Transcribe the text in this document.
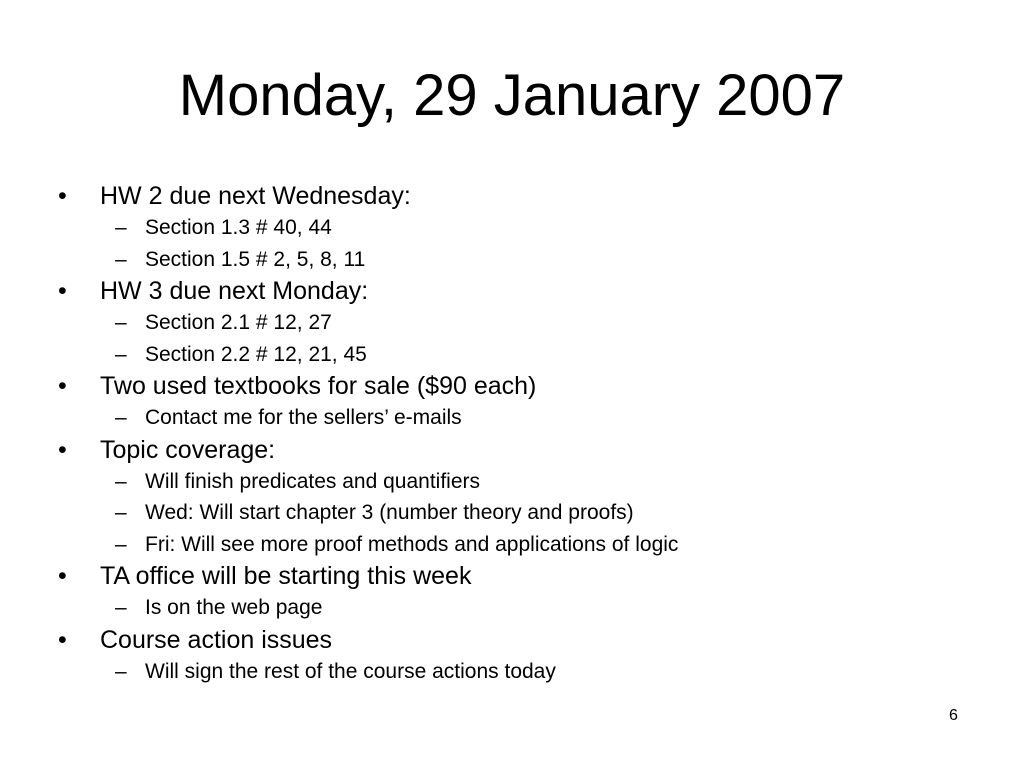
Monday, 29 January 2007
• HW 2 due next Wednesday:
– Section 1.3 # 40, 44
– Section 1.5 # 2, 5, 8, 11
• HW 3 due next Monday:
– Section 2.1 # 12, 27
– Section 2.2 # 12, 21, 45
• Two used textbooks for sale ($90 each)
– Contact me for the sellers’ e-mails
• Topic coverage:
– Will finish predicates and quantifiers
– Wed: Will start chapter 3 (number theory and proofs)
– Fri: Will see more proof methods and applications of logic
• TA office will be starting this week
– Is on the web page
• Course action issues
– Will sign the rest of the course actions today
6
